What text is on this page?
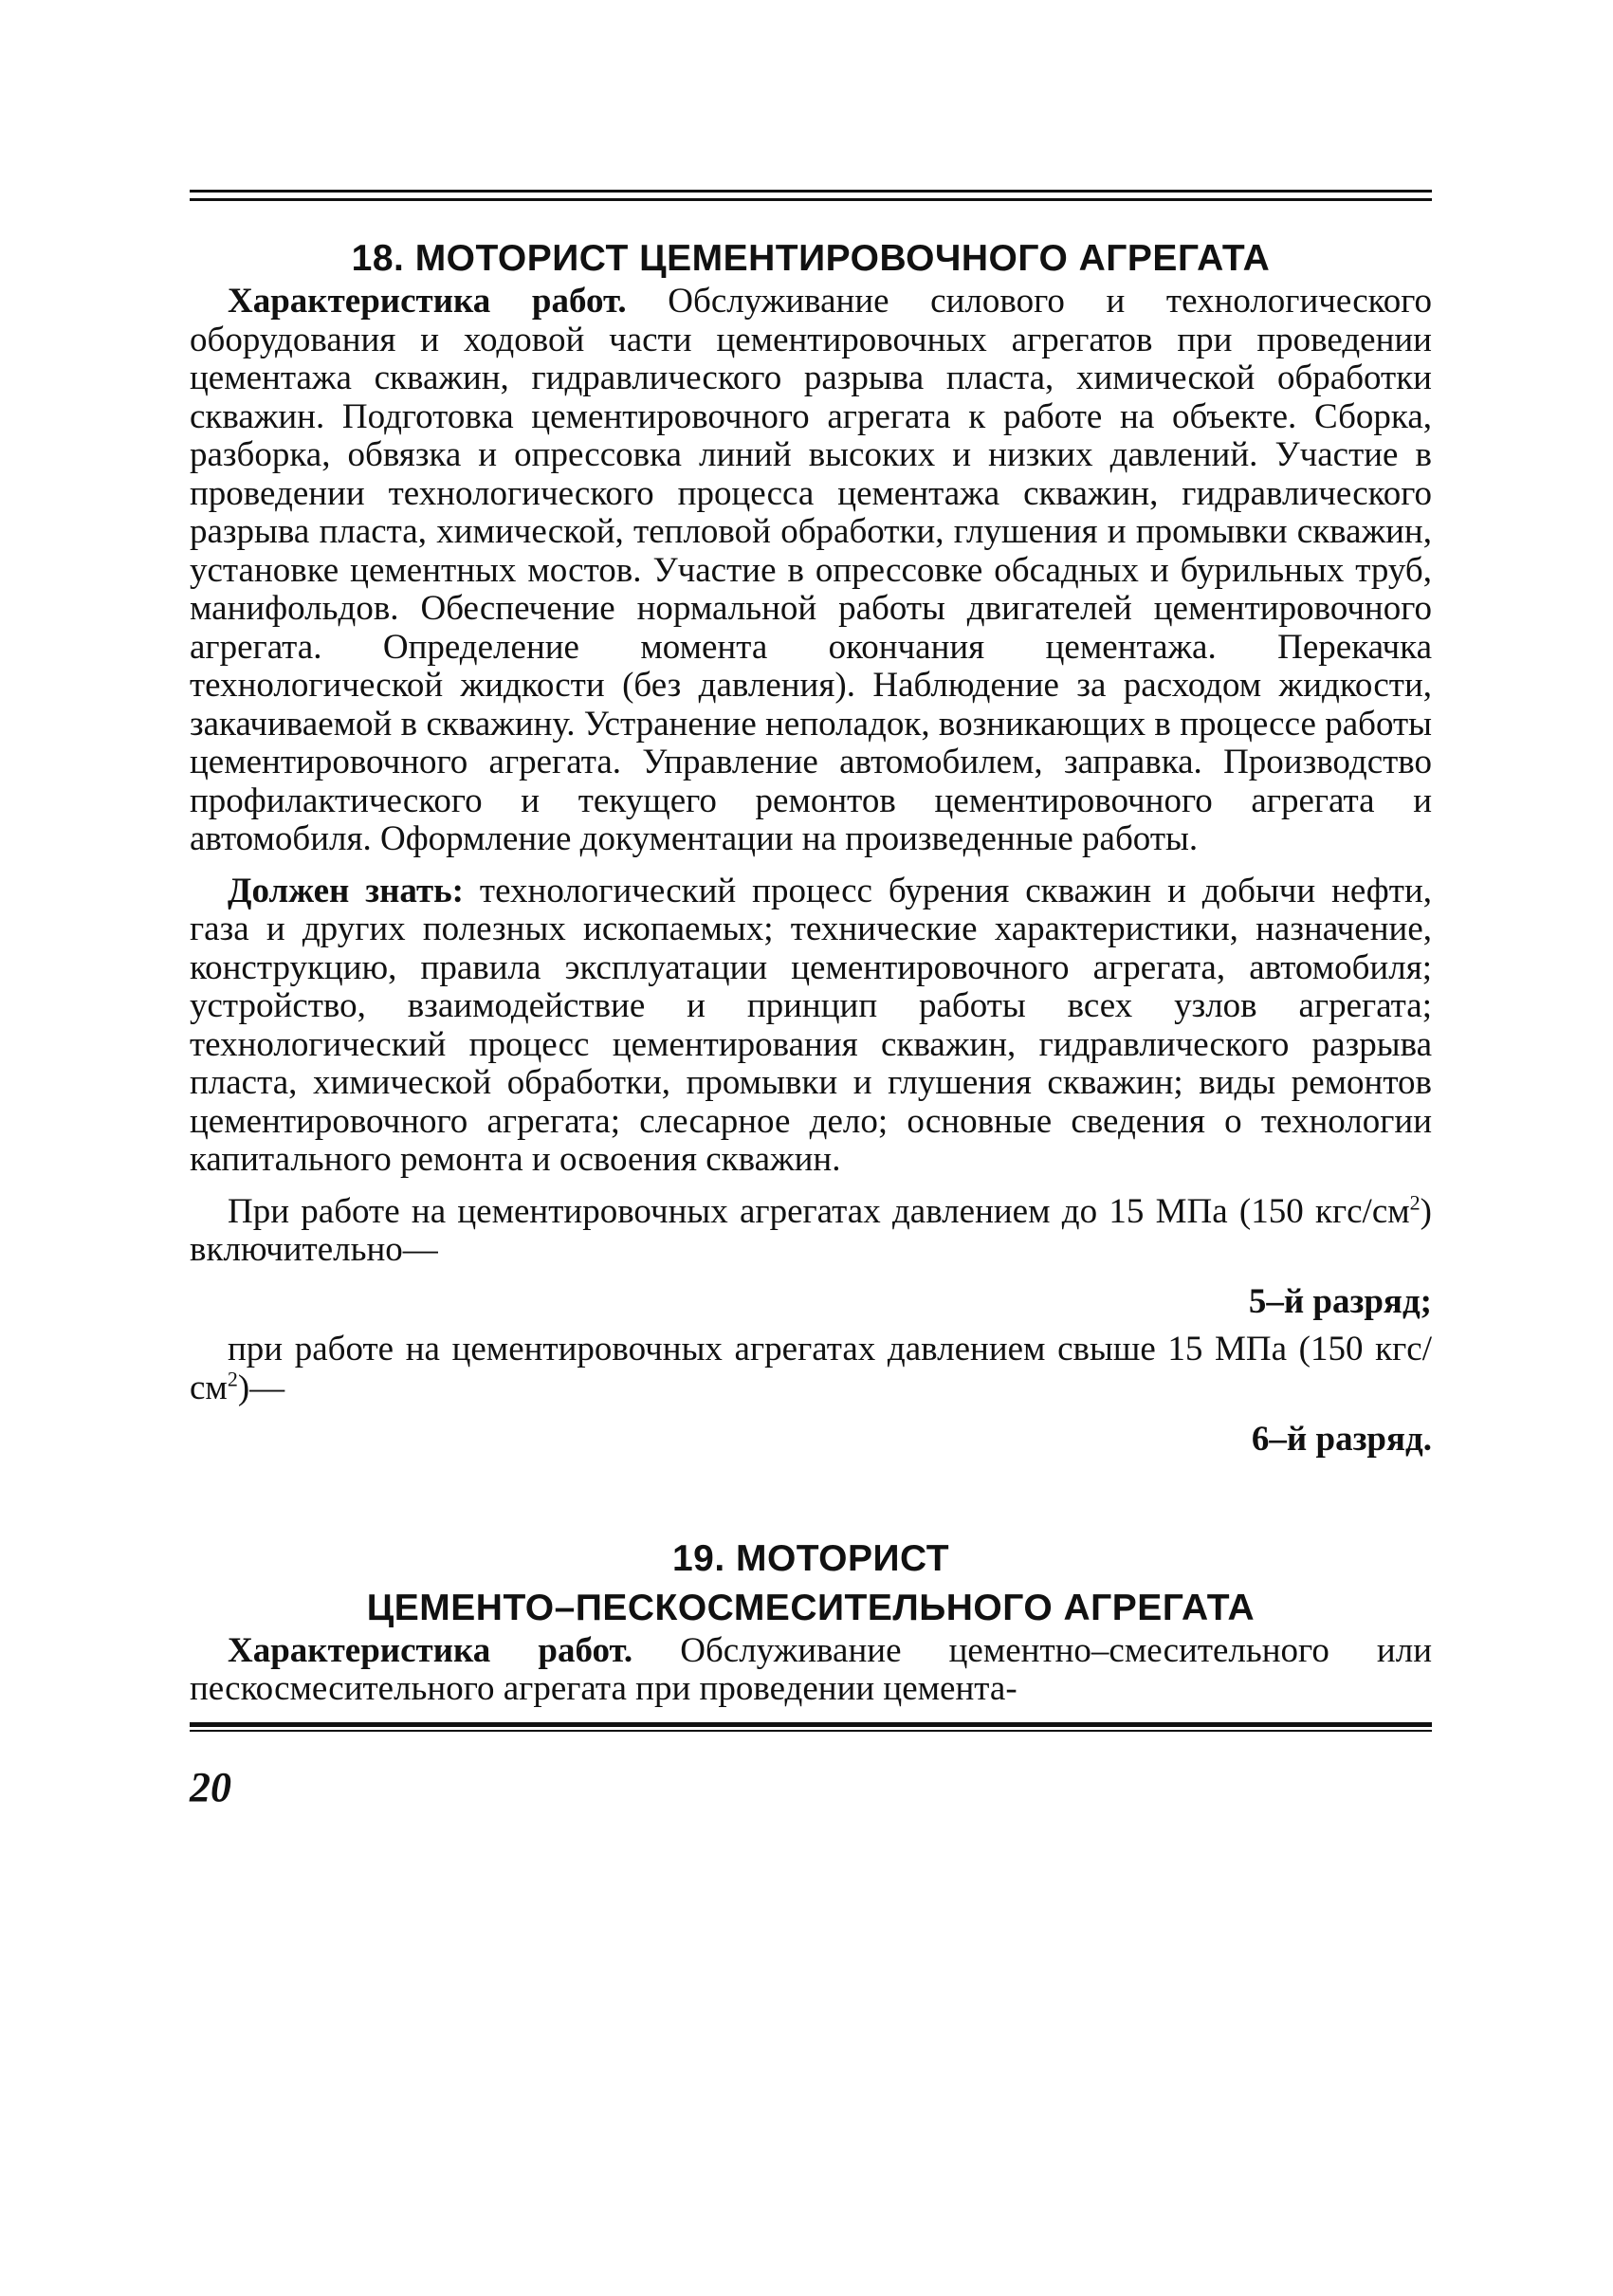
18. МОТОРИСТ ЦЕМЕНТИРОВОЧНОГО АГРЕГАТА

Характеристика работ. Обслуживание силового и технологического оборудования и ходовой части цементировочных агрегатов при проведении цементажа скважин, гидравлического разрыва пласта, химической обработки скважин. Подготовка цементировочного агрегата к работе на объекте. Сборка, разборка, обвязка и опрессовка линий высоких и низких давлений. Участие в проведении технологического процесса цементажа скважин, гидравлического разрыва пласта, химической, тепловой обработки, глушения и промывки скважин, установке цементных мостов. Участие в опрессовке обсадных и бурильных труб, манифольдов. Обеспечение нормальной работы двигателей цементировочного агрегата. Определение момента окончания цементажа. Перекачка технологической жидкости (без давления). Наблюдение за расходом жидкости, закачиваемой в скважину. Устранение неполадок, возникающих в процессе работы цементировочного агрегата. Управление автомобилем, заправка. Производство профилактического и текущего ремонтов цементировочного агрегата и автомобиля. Оформление документации на произведенные работы.

Должен знать: технологический процесс бурения скважин и добычи нефти, газа и других полезных ископаемых; технические характеристики, назначение, конструкцию, правила эксплуатации цементировочного агрегата, автомобиля; устройство, взаимодействие и принцип работы всех узлов агрегата; технологический процесс цементирования скважин, гидравлического разрыва пласта, химической обработки, промывки и глушения скважин; виды ремонтов цементировочного агрегата; слесарное дело; основные сведения о технологии капитального ремонта и освоения скважин.

При работе на цементировочных агрегатах давлением до 15 МПа (150 кгс/$см^2$) включительно—

5–й разряд;

при работе на цементировочных агрегатах давлением свыше 15 МПа (150 кгс/$см^2)—$

6–й разряд.
19. МОТОРИСТ
ЦЕМЕНТО–ПЕСКОСМЕСИТЕЛЬНОГО АГРЕГАТА

Характеристика работ. Обслуживание цементно–смесительного или пескосмесительного агрегата при проведении цемента-

20
